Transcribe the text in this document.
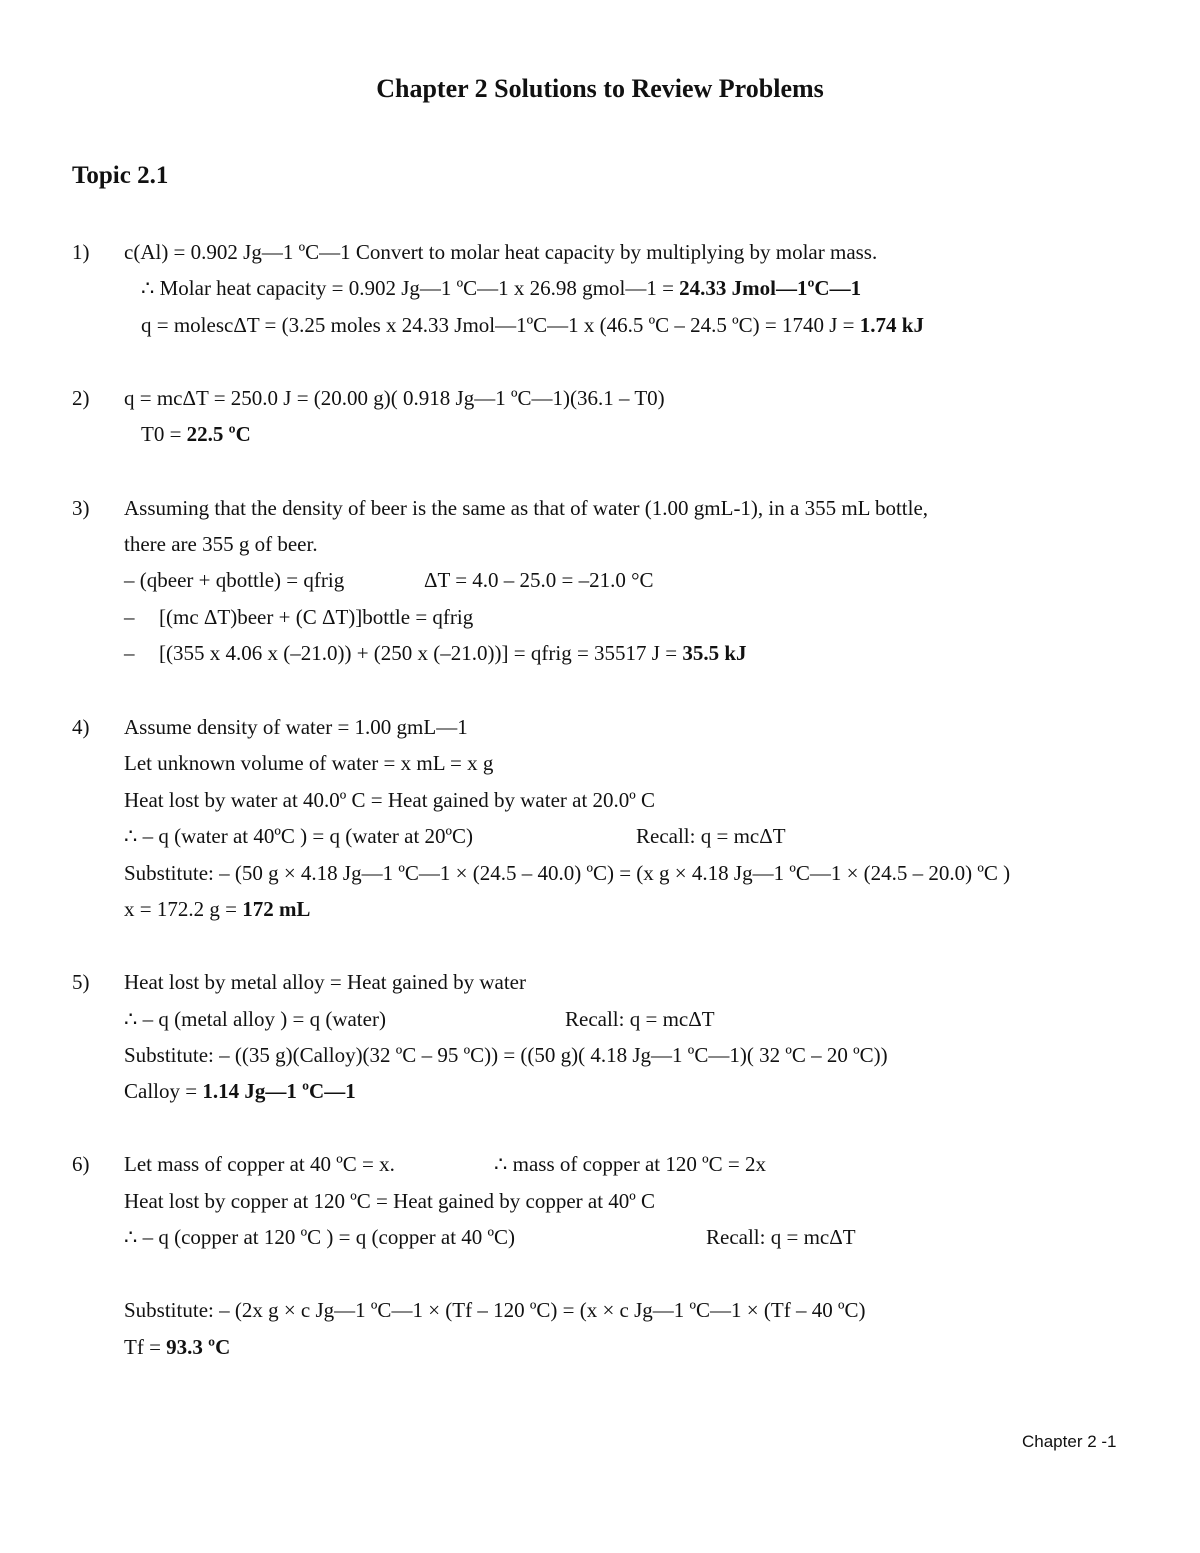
Chapter 2 Solutions to Review Problems
Topic 2.1
1) c(Al) = 0.902 Jg—1 ºC—1 Convert to molar heat capacity by multiplying by molar mass.
∴ Molar heat capacity = 0.902 Jg—1 ºC—1 x 26.98 gmol—1 = 24.33 Jmol—1ºC—1
q = molescΔT = (3.25 moles x 24.33 Jmol—1ºC—1 x (46.5 ºC – 24.5 ºC) = 1740 J = 1.74 kJ
2) q = mcΔT = 250.0 J = (20.00 g)( 0.918 Jg—1 ºC—1)(36.1 – T0)
T0 = 22.5 ºC
3) Assuming that the density of beer is the same as that of water (1.00 gmL-1), in a 355 mL bottle,
there are 355 g of beer.
– (qbeer + qbottle) = qfrig	ΔT = 4.0 – 25.0 = –21.0 °C
– [(mc ΔT)beer + (C ΔT)]bottle = qfrig
– [(355 x 4.06 x (–21.0)) + (250 x (–21.0))] = qfrig = 35517 J = 35.5 kJ
4) Assume density of water = 1.00 gmL—1
Let unknown volume of water = x mL = x g
Heat lost by water at 40.0º C = Heat gained by water at 20.0º C
∴ – q (water at 40ºC ) = q (water at 20ºC)	Recall: q = mcΔT
Substitute: – (50 g × 4.18 Jg—1 ºC—1 × (24.5 – 40.0) ºC) = (x g × 4.18 Jg—1 ºC—1 × (24.5 – 20.0) ºC )
x = 172.2 g = 172 mL
5) Heat lost by metal alloy = Heat gained by water
∴ – q (metal alloy ) = q (water)	Recall: q = mcΔT
Substitute: – ((35 g)(Calloy)(32 ºC – 95 ºC)) = ((50 g)( 4.18 Jg—1 ºC—1)( 32 ºC – 20 ºC))
Calloy = 1.14 Jg—1 ºC—1
6) Let mass of copper at 40 ºC = x.	∴ mass of copper at 120 ºC = 2x
Heat lost by copper at 120 ºC = Heat gained by copper at 40º C
∴ – q (copper at 120 ºC ) = q (copper at 40 ºC)	Recall: q = mcΔT
Substitute: – (2x g × c Jg—1 ºC—1 × (Tf – 120 ºC) = (x × c Jg—1 ºC—1 × (Tf – 40 ºC)
Tf = 93.3 ºC
Chapter 2 -1
